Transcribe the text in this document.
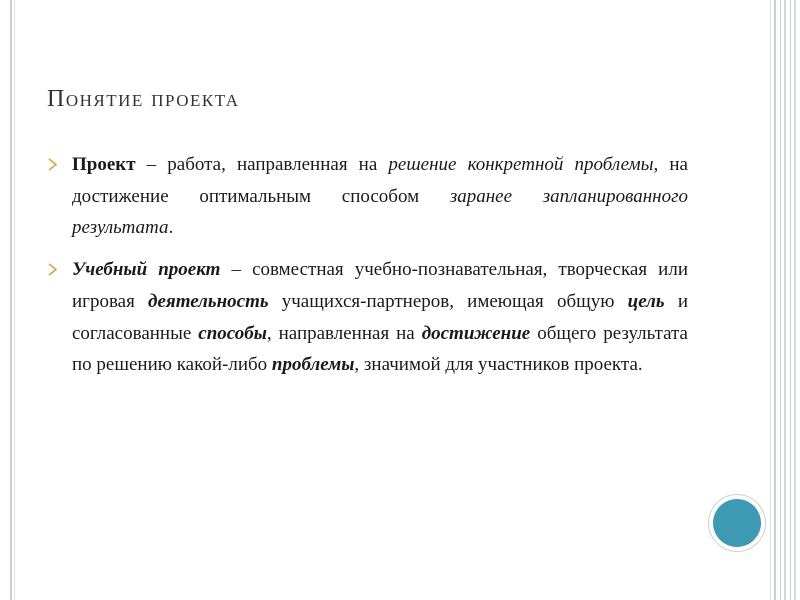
Понятие проекта
Проект – работа, направленная на решение конкретной проблемы, на достижение оптимальным способом заранее запланированного результата.
Учебный проект – совместная учебно-познавательная, творческая или игровая деятельность учащихся-партнеров, имеющая общую цель и согласованные способы, направленная на достижение общего результата по решению какой-либо проблемы, значимой для участников проекта.
